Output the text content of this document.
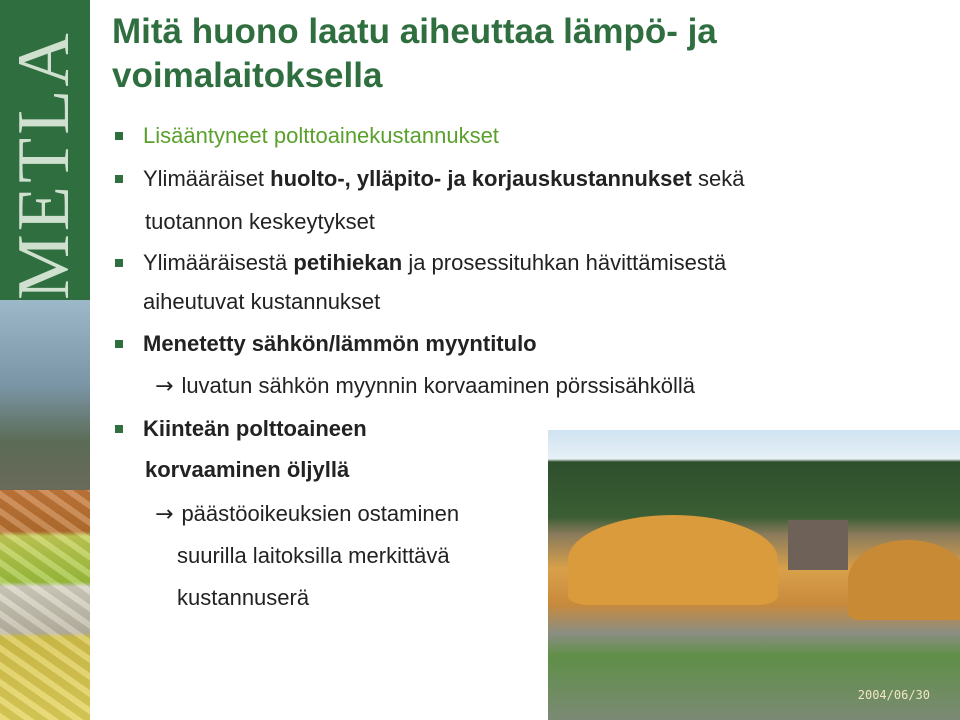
METLA Mitä huono laatu aiheuttaa lämpö- ja voimalaitoksella
Lisääntyneet polttoainekustannukset
Ylimääräiset huolto-, ylläpito- ja korjauskustannukset sekä
tuotannon keskeytykset
Ylimääräisestä petihiekan ja prosessituhkan hävittämisestä
aiheutuvat kustannukset
Menetetty sähkön/lämmön myyntitulo
→ luvatun sähkön myynnin korvaaminen pörssisähköllä
Kiinteän polttoaineen
korvaaminen öljyllä
→ päästöoikeuksien ostaminen
suurilla laitoksilla merkittävä
kustannuserä
2004/06/30
